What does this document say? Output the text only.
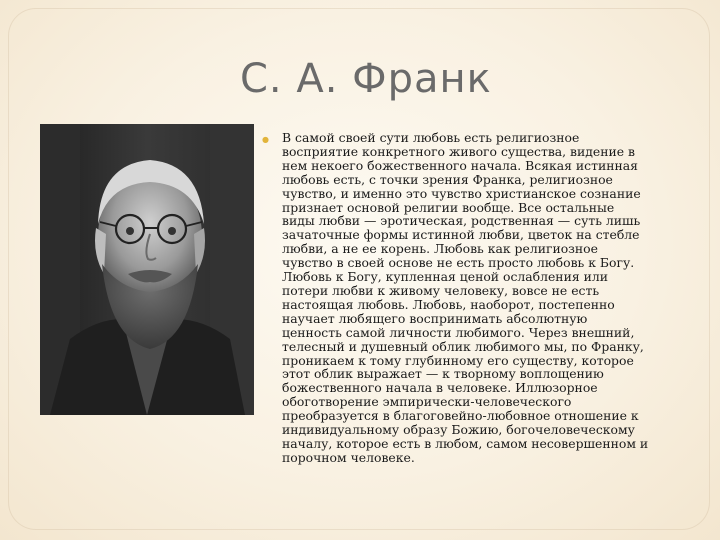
С. А. Франк
● В самой своей сути любовь есть религиозное
восприятие конкретного живого существа, видение в
нем некоего божественного начала. Всякая истинная
любовь есть, с точки зрения Франка, религиозное
чувство, и именно это чувство христианское сознание
признает основой религии вообще. Все остальные
виды любви — эротическая, родственная — суть лишь
зачаточные формы истинной любви, цветок на стебле
любви, а не ее корень. Любовь как религиозное
чувство в своей основе не есть просто любовь к Богу.
Любовь к Богу, купленная ценой ослабления или
потери любви к живому человеку, вовсе не есть
настоящая любовь. Любовь, наоборот, постепенно
научает любящего воспринимать абсолютную
ценность самой личности любимого. Через внешний,
телесный и душевный облик любимого мы, по Франку,
проникаем к тому глубинному его существу, которое
этот облик выражает — к творному воплощению
божественного начала в человеке. Иллюзорное
обоготворение эмпирически-человеческого
преобразуется в благоговейно-любовное отношение к
индивидуальному образу Божию, богочеловеческому
началу, которое есть в любом, самом несовершенном и
порочном человеке.
